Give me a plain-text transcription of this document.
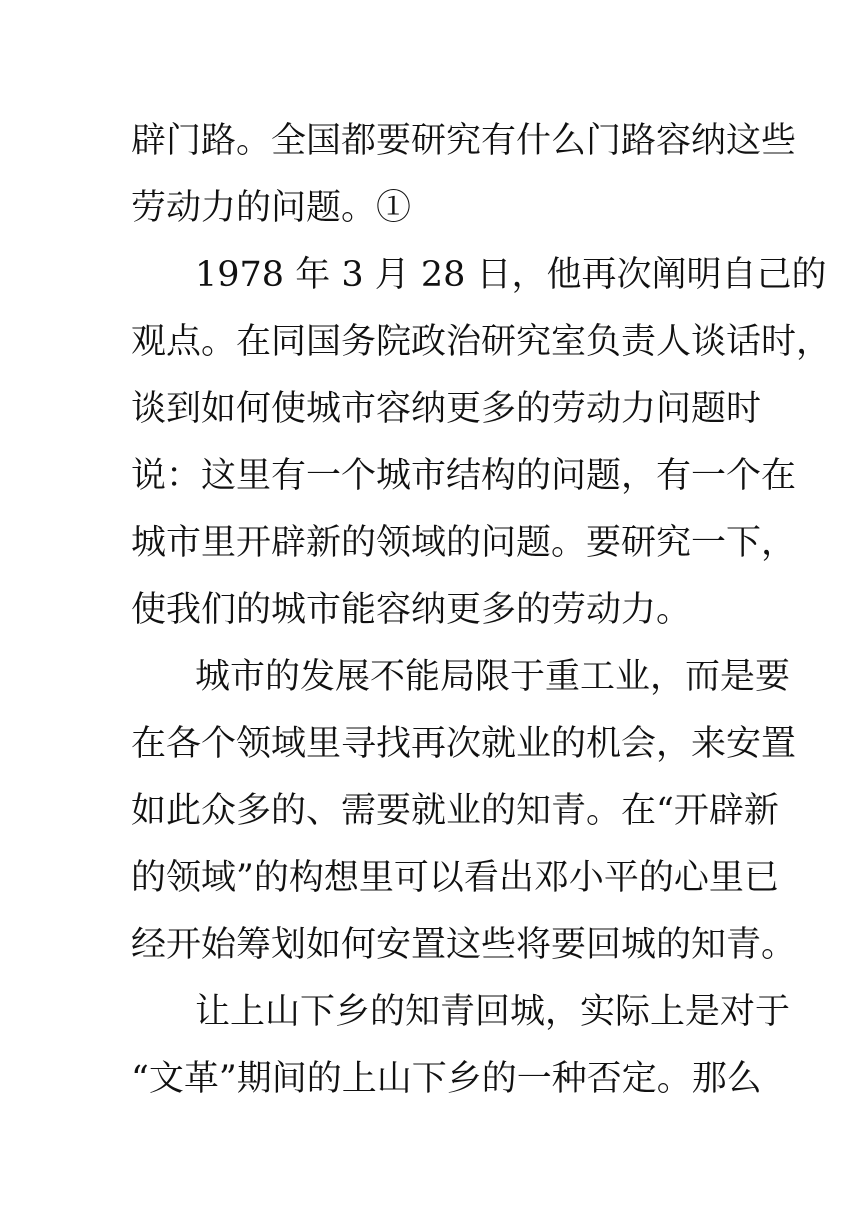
辟门路。全国都要研究有什么门路容纳这些
劳动力的问题。①
1978 年 3 月 28 日，他再次阐明自己的
观点。在同国务院政治研究室负责人谈话时，
谈到如何使城市容纳更多的劳动力问题时
说：这里有一个城市结构的问题，有一个在
城市里开辟新的领域的问题。要研究一下，
使我们的城市能容纳更多的劳动力。
城市的发展不能局限于重工业，而是要
在各个领域里寻找再次就业的机会，来安置
如此众多的、需要就业的知青。在“开辟新
的领域”的构想里可以看出邓小平的心里已
经开始筹划如何安置这些将要回城的知青。
让上山下乡的知青回城，实际上是对于
“文革”期间的上山下乡的一种否定。那么
